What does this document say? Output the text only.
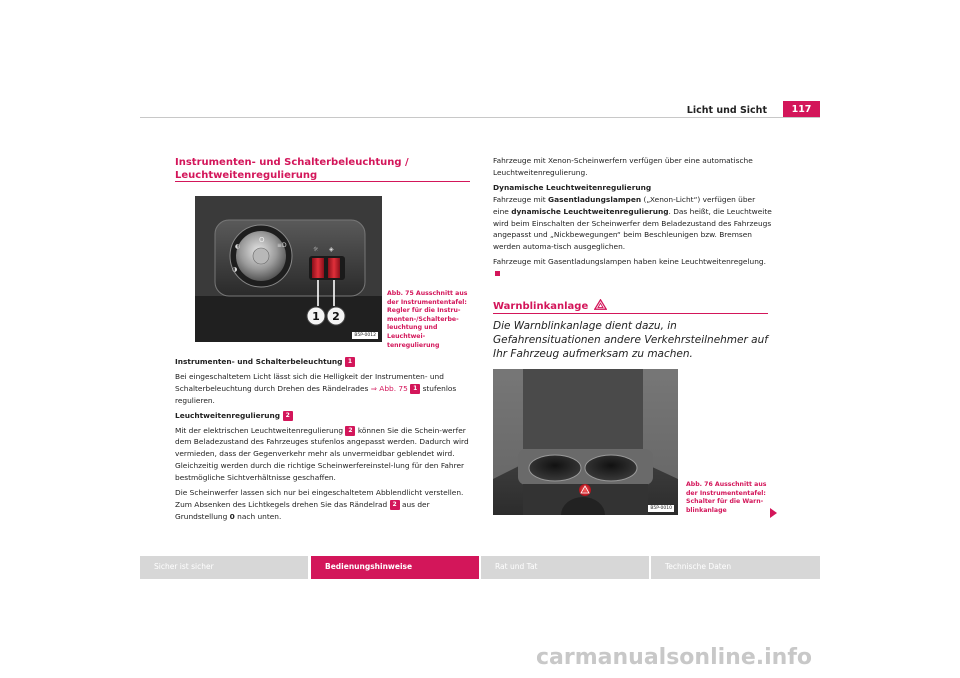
Licht und Sicht	117
Instrumenten- und Schalterbeleuchtung /
Leuchtweitenregulierung
O
≡D
◐
◑
☼ ◈
1 2
B5P-0012
Abb. 75 Ausschnitt aus der Instrumententafel: Regler für die Instru-menten-/Schalterbe-leuchtung und Leuchtwei-tenregulierung

Instrumenten- und Schalterbeleuchtung 1

Bei eingeschaltetem Licht lässt sich die Helligkeit der Instrumenten- und Schalterbeleuchtung durch Drehen des Rändelrades ⇒ Abb. 75 1 stufenlos regulieren.

Leuchtweitenregulierung 2

Mit der elektrischen Leuchtweitenregulierung 2 können Sie die Schein-werfer dem Beladezustand des Fahrzeuges stufenlos angepasst werden. Dadurch wird vermieden, dass der Gegenverkehr mehr als unvermeidbar geblendet wird. Gleichzeitig werden durch die richtige Scheinwerfereinstel-lung für den Fahrer bestmögliche Sichtverhältnisse geschaffen.

Die Scheinwerfer lassen sich nur bei eingeschaltetem Abblendlicht verstellen. Zum Absenken des Lichtkegels drehen Sie das Rändelrad 2 aus der Grundstellung 0 nach unten.

Fahrzeuge mit Xenon-Scheinwerfern verfügen über eine automatische Leuchtweitenregulierung.

Dynamische Leuchtweitenregulierung

Fahrzeuge mit Gasentladungslampen („Xenon-Licht“) verfügen über eine dynamische Leuchtweitenregulierung. Das heißt, die Leuchtweite wird beim Einschalten der Scheinwerfer dem Beladezustand des Fahrzeugs angepasst und „Nickbewegungen“ beim Beschleunigen bzw. Bremsen werden automa-tisch ausgeglichen.

Fahrzeuge mit Gasentladungslampen haben keine Leuchtweitenregelung.

Warnblinkanlage
Die Warnblinkanlage dient dazu, in Gefahrensituationen andere Verkehrsteilnehmer auf Ihr Fahrzeug aufmerksam zu machen.
B5P-0010
Abb. 76 Ausschnitt aus der Instrumententafel: Schalter für die Warn-blinkanlage
Sicher ist sicher	Bedienungshinweise	Rat und Tat	Technische Daten
carmanualsonline.info
